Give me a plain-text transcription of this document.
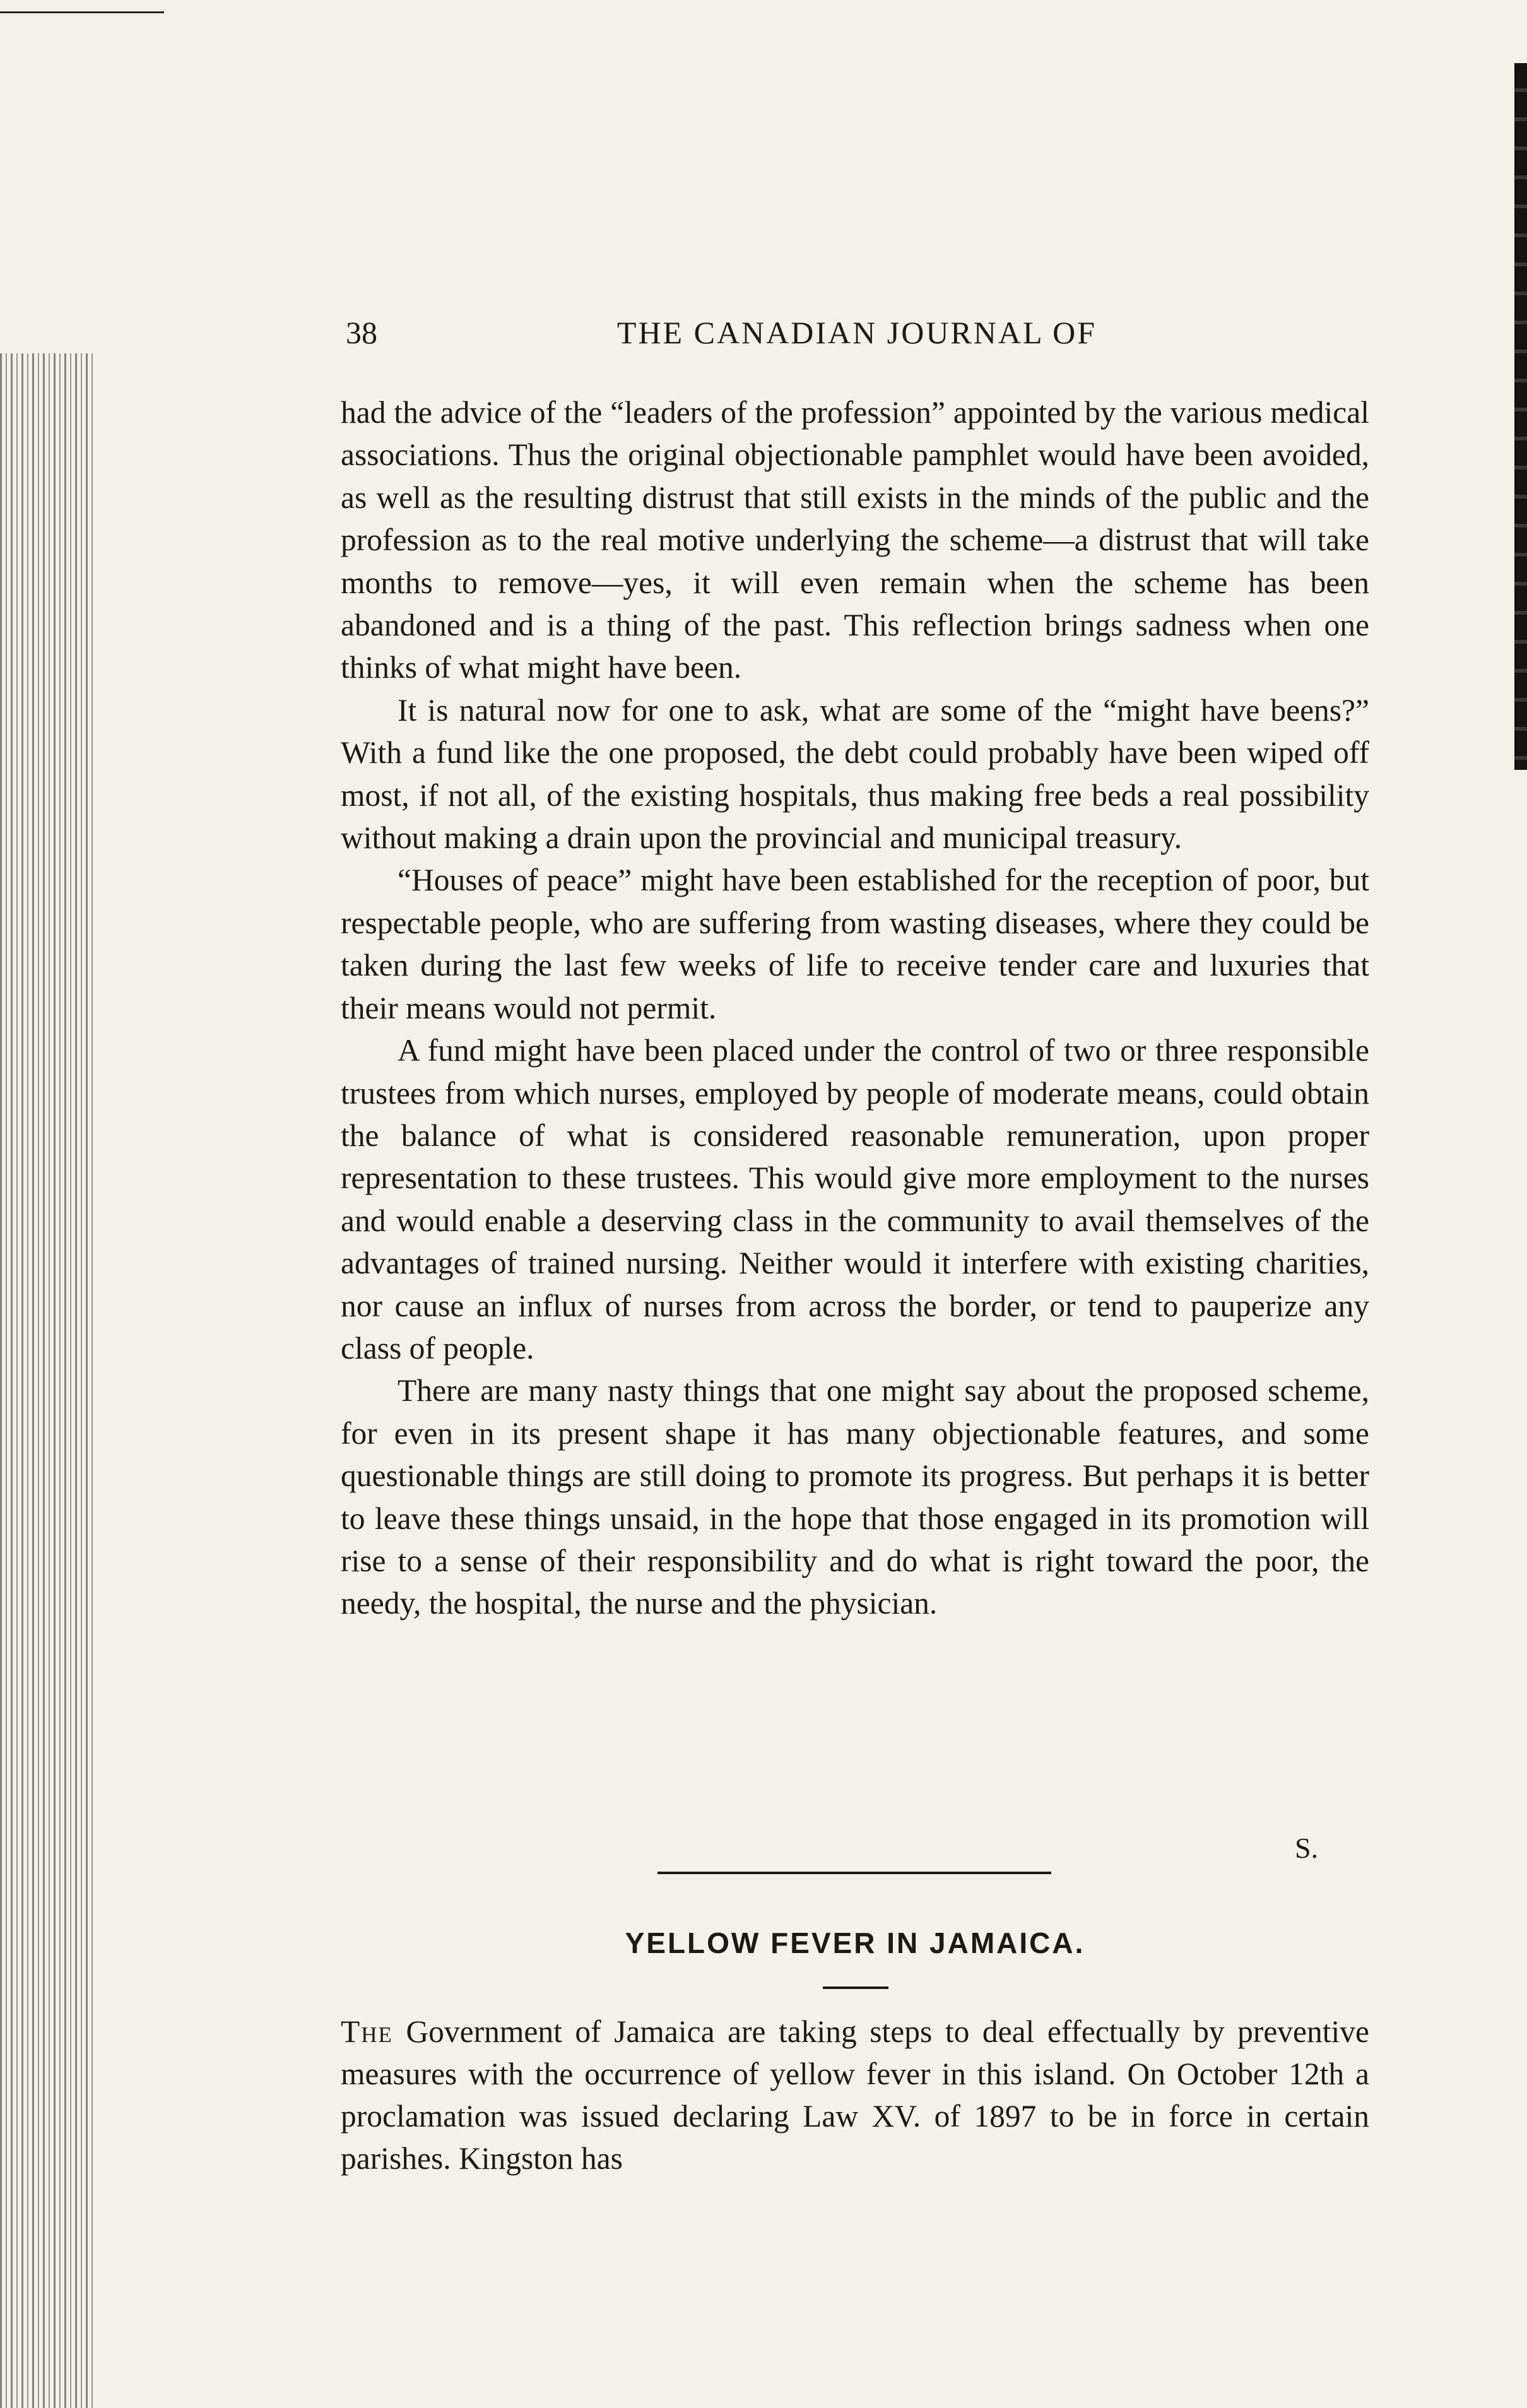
38	THE CANADIAN JOURNAL OF

had the advice of the “leaders of the profession” appointed by the various medical associations. Thus the original objectionable pamphlet would have been avoided, as well as the resulting distrust that still exists in the minds of the public and the profession as to the real motive underlying the scheme—a distrust that will take months to remove—yes, it will even remain when the scheme has been abandoned and is a thing of the past. This reflection brings sadness when one thinks of what might have been.

It is natural now for one to ask, what are some of the “might have beens?” With a fund like the one proposed, the debt could probably have been wiped off most, if not all, of the existing hospitals, thus making free beds a real possibility without making a drain upon the provincial and municipal treasury.

“Houses of peace” might have been established for the reception of poor, but respectable people, who are suffering from wasting diseases, where they could be taken during the last few weeks of life to receive tender care and luxuries that their means would not permit.

A fund might have been placed under the control of two or three responsible trustees from which nurses, employed by people of moderate means, could obtain the balance of what is considered reasonable remuneration, upon proper representation to these trustees. This would give more employment to the nurses and would enable a deserving class in the community to avail themselves of the advantages of trained nursing. Neither would it interfere with existing charities, nor cause an influx of nurses from across the border, or tend to pauperize any class of people.

There are many nasty things that one might say about the proposed scheme, for even in its present shape it has many objectionable features, and some questionable things are still doing to promote its progress. But perhaps it is better to leave these things unsaid, in the hope that those engaged in its promotion will rise to a sense of their responsibility and do what is right toward the poor, the needy, the hospital, the nurse and the physician.

S.
YELLOW FEVER IN JAMAICA.

The Government of Jamaica are taking steps to deal effectually by preventive measures with the occurrence of yellow fever in this island. On October 12th a proclamation was issued declaring Law XV. of 1897 to be in force in certain parishes. Kingston has
